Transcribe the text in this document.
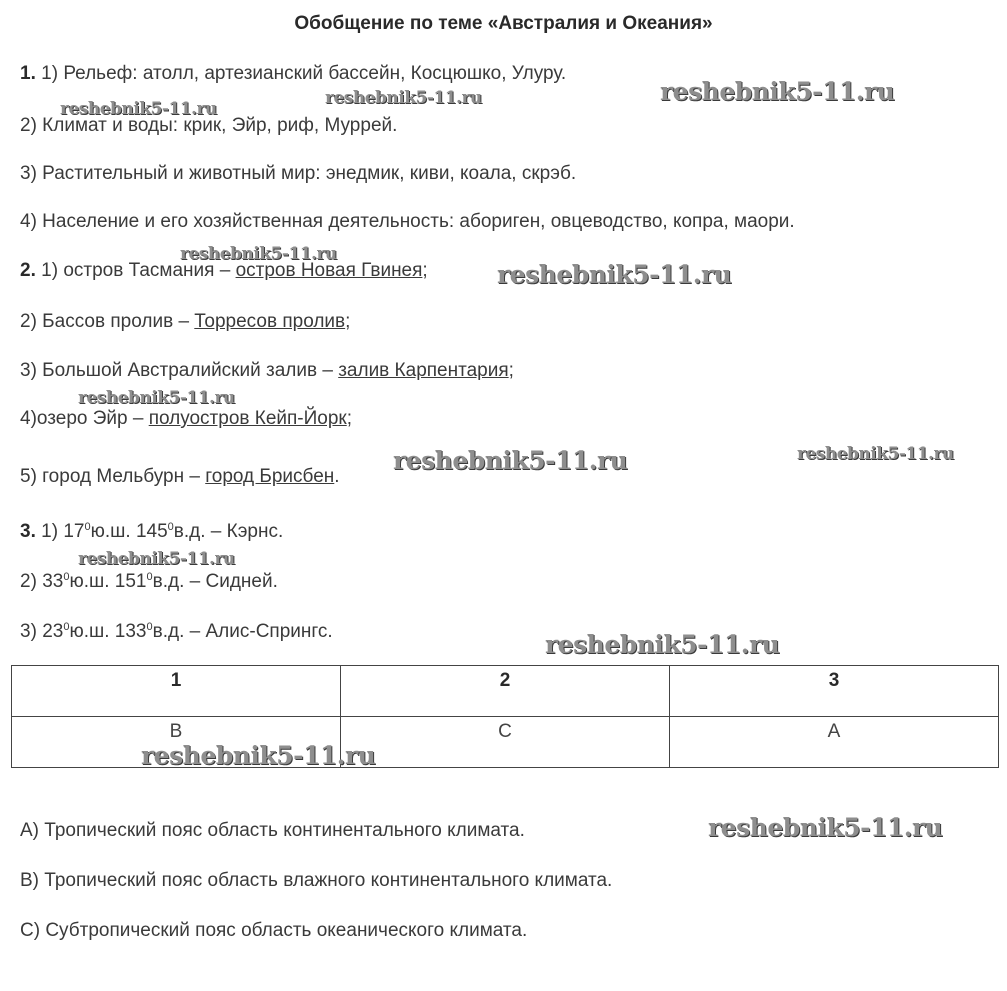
Обобщение по теме «Австралия и Океания»
1. 1) Рельеф: атолл, артезианский бассейн, Косцюшко, Улуру.
2) Климат и воды: крик, Эйр, риф, Муррей.
3) Растительный и животный мир: энедмик, киви, коала, скрэб.
4) Население и его хозяйственная деятельность: абориген, овцеводство, копра, маори.
2. 1) остров Тасмания – остров Новая Гвинея;
2) Бассов пролив – Торресов пролив;
3) Большой Австралийский залив – залив Карпентария;
4)озеро Эйр – полуостров Кейп-Йорк;
5) город Мельбурн – город Брисбен.
3. 1) $17^0ю.ш$. $145^0в.д$. – Кэрнс.
2) $33^0ю.ш$. $151^0в.д$. – Сидней.
3) $23^0ю.ш$. $133^0в.д$. – Алис-Спрингс.
1	2	3
B	C	A
A) Тропический пояс область континентального климата.
B) Тропический пояс область влажного континентального климата.
C) Субтропический пояс область океанического климата.
reshebnik5-11.ru
reshebnik5-11.ru	reshebnik5-11.ru
reshebnik5-11.ru
reshebnik5-11.ru
reshebnik5-11.ru
reshebnik5-11.ru	reshebnik5-11.ru
reshebnik5-11.ru
reshebnik5-11.ru
reshebnik5-11.ru
reshebnik5-11.ru
